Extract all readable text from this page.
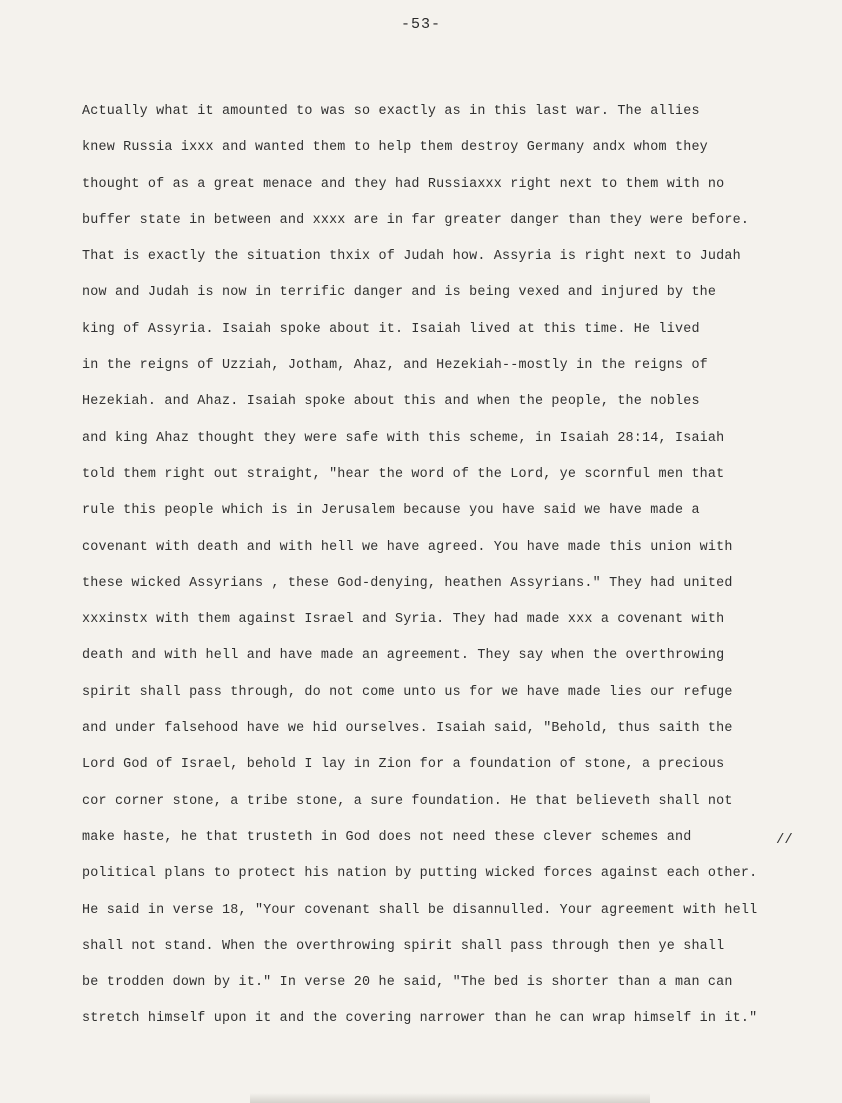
-53-
Actually what it amounted to was so exactly as in this last war. The allies
knew Russia ixxx and wanted them to help them destroy Germany andx whom they
thought of as a great menace and they had Russiaxxx right next to them with no
buffer state in between and xxxx are in far greater danger than they were before.
That is exactly the situation thxix of Judah how. Assyria is right next to Judah
now and Judah is now in terrific danger and is being vexed and injured by the
king of Assyria. Isaiah spoke about it. Isaiah lived at this time. He lived
in the reigns of Uzziah, Jotham, Ahaz, and Hezekiah--mostly in the reigns of
Hezekiah. and Ahaz. Isaiah spoke about this and when the people, the nobles
and king Ahaz thought they were safe with this scheme, in Isaiah 28:14, Isaiah
told them right out straight, "hear the word of the Lord, ye scornful men that
rule this people which is in Jerusalem because you have said we have made a
covenant with death and with hell we have agreed. You have made this union with
these wicked Assyrians , these God-denying, heathen Assyrians." They had united
xxxinstx with them against Israel and Syria. They had made xxx a covenant with
death and with hell and have made an agreement. They say when the overthrowing
spirit shall pass through, do not come unto us for we have made lies our refuge
and under falsehood have we hid ourselves. Isaiah said, "Behold, thus saith the
Lord God of Israel, behold I lay in Zion for a foundation of stone, a precious
cor corner stone, a tribe stone, a sure foundation. He that believeth shall not
make haste, he that trusteth in God does not need these clever schemes and
political plans to protect his nation by putting wicked forces against each other.
He said in verse 18, "Your covenant shall be disannulled. Your agreement with hell
shall not stand. When the overthrowing spirit shall pass through then ye shall
be trodden down by it." In verse 20 he said, "The bed is shorter than a man can
stretch himself upon it and the covering narrower than he can wrap himself in it."
//
